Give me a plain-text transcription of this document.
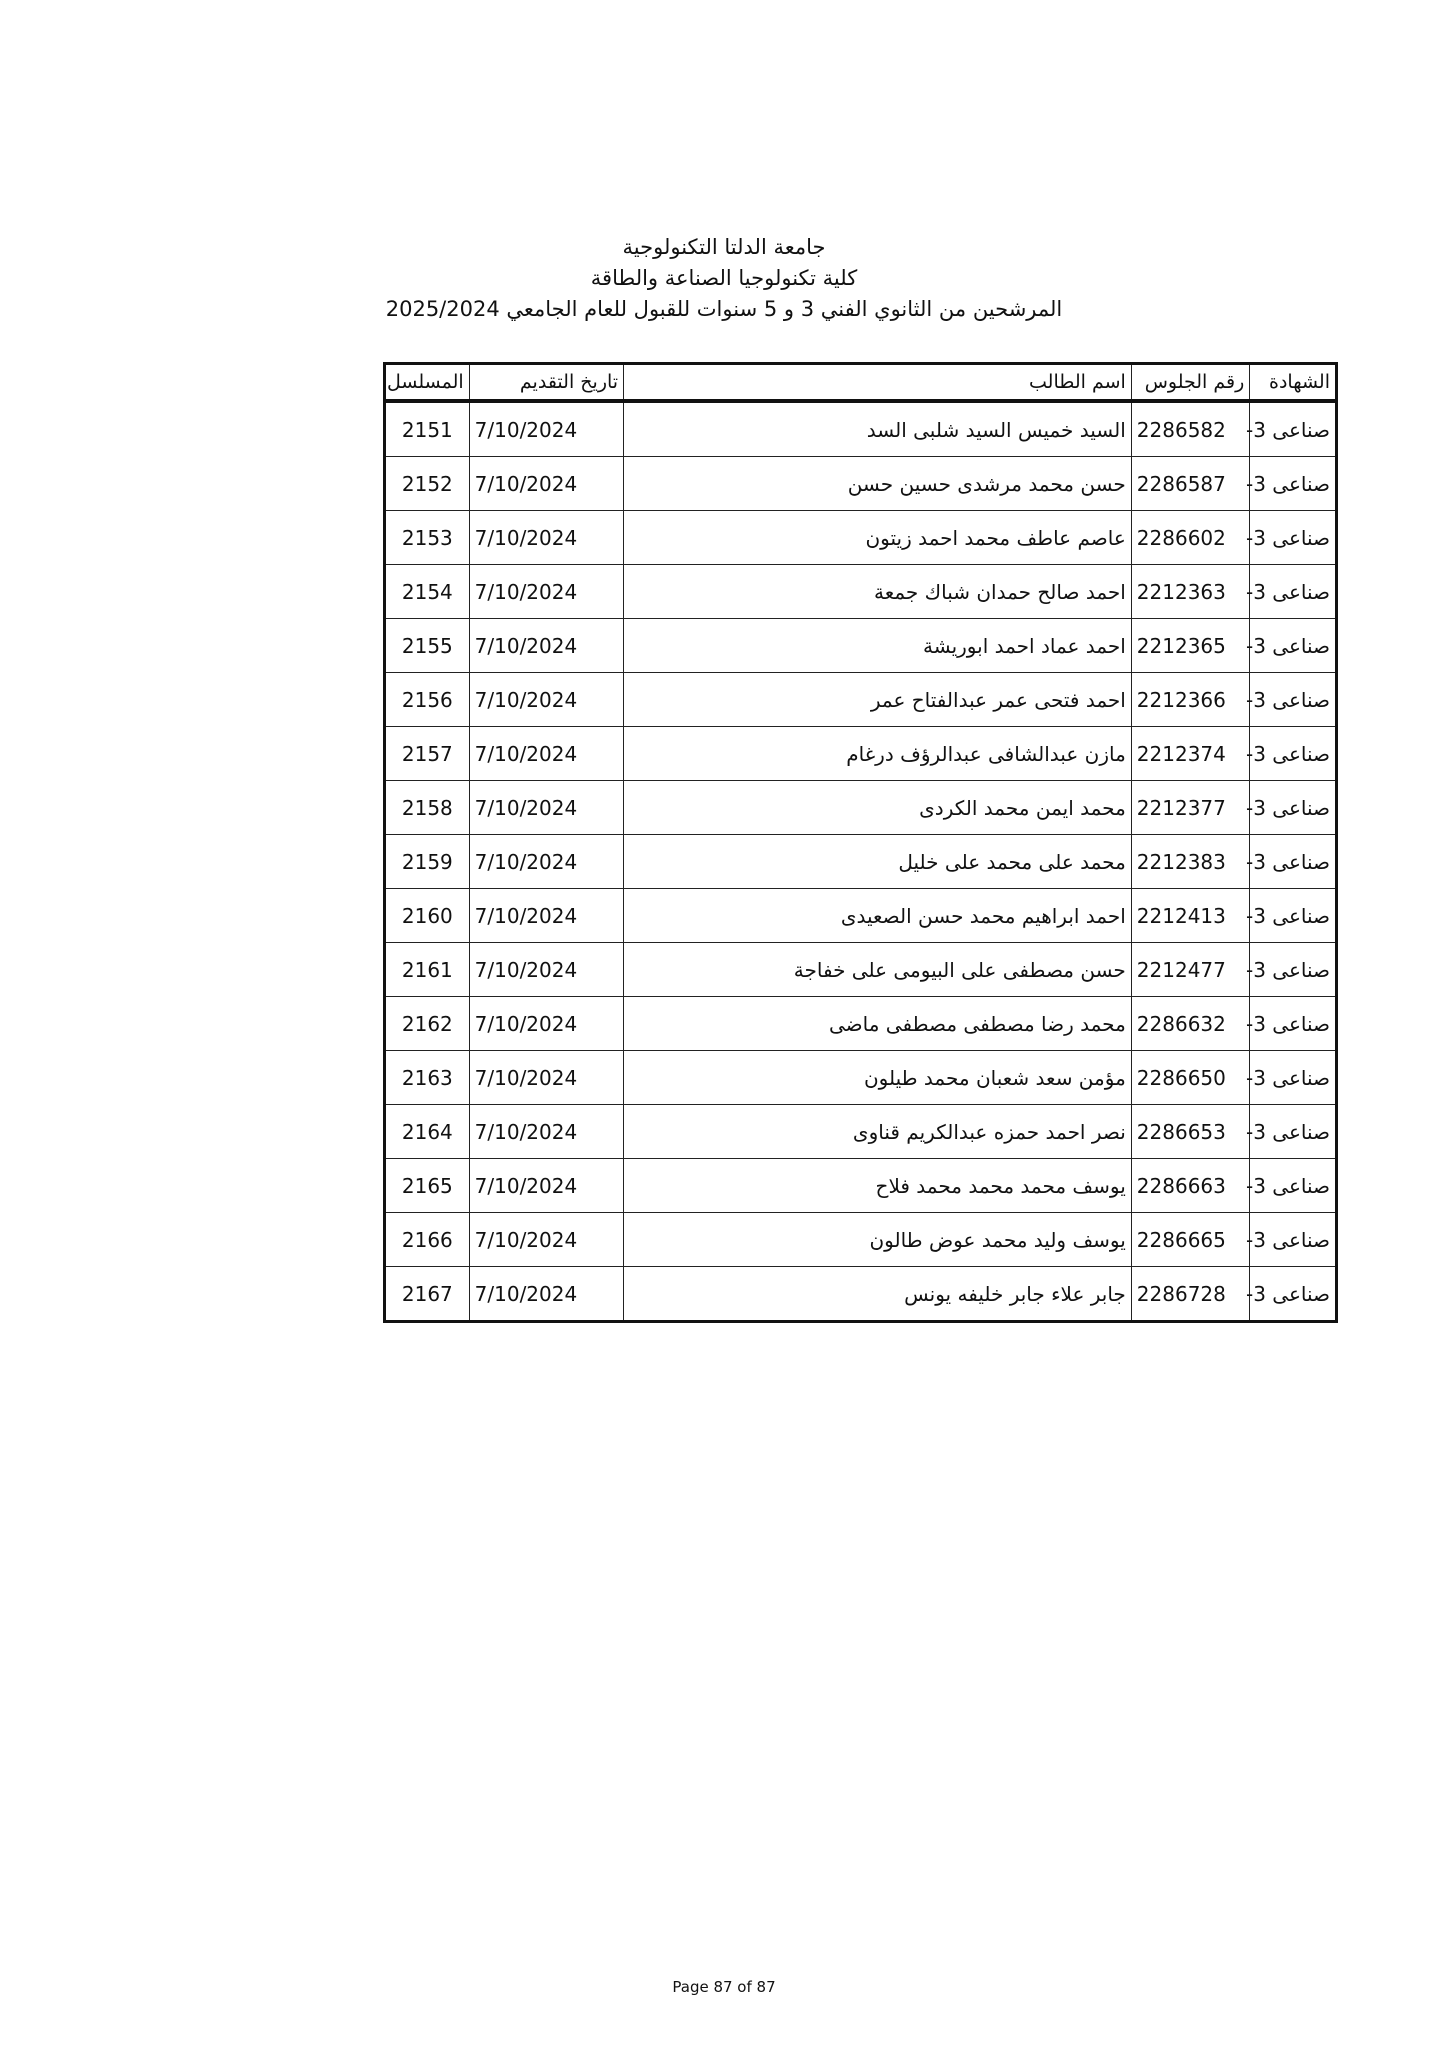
جامعة الدلتا التكنولوجية
كلية تكنولوجيا الصناعة والطاقة
المرشحين من الثانوي الفني 3 و 5 سنوات للقبول للعام الجامعي 2025/2024
الشهادة	رقم الجلوس	اسم الطالب	تاريخ التقديم	المسلسل
صناعى 3-	2286582	السيد خميس السيد شلبى السد	7/10/2024	2151
صناعى 3-	2286587	حسن محمد مرشدى حسين حسن	7/10/2024	2152
صناعى 3-	2286602	عاصم عاطف محمد احمد زيتون	7/10/2024	2153
صناعى 3-	2212363	احمد صالح حمدان شباك جمعة	7/10/2024	2154
صناعى 3-	2212365	احمد عماد احمد ابوريشة	7/10/2024	2155
صناعى 3-	2212366	احمد فتحى عمر عبدالفتاح عمر	7/10/2024	2156
صناعى 3-	2212374	مازن عبدالشافى عبدالرؤف درغام	7/10/2024	2157
صناعى 3-	2212377	محمد ايمن محمد الكردى	7/10/2024	2158
صناعى 3-	2212383	محمد على محمد على خليل	7/10/2024	2159
صناعى 3-	2212413	احمد ابراهيم محمد حسن الصعيدى	7/10/2024	2160
صناعى 3-	2212477	حسن مصطفى على البيومى على خفاجة	7/10/2024	2161
صناعى 3-	2286632	محمد رضا مصطفى مصطفى ماضى	7/10/2024	2162
صناعى 3-	2286650	مؤمن سعد شعبان محمد طيلون	7/10/2024	2163
صناعى 3-	2286653	نصر احمد حمزه عبدالكريم قناوى	7/10/2024	2164
صناعى 3-	2286663	يوسف محمد محمد محمد فلاح	7/10/2024	2165
صناعى 3-	2286665	يوسف وليد محمد عوض طالون	7/10/2024	2166
صناعى 3-	2286728	جابر علاء جابر خليفه يونس	7/10/2024	2167
Page 87 of 87
